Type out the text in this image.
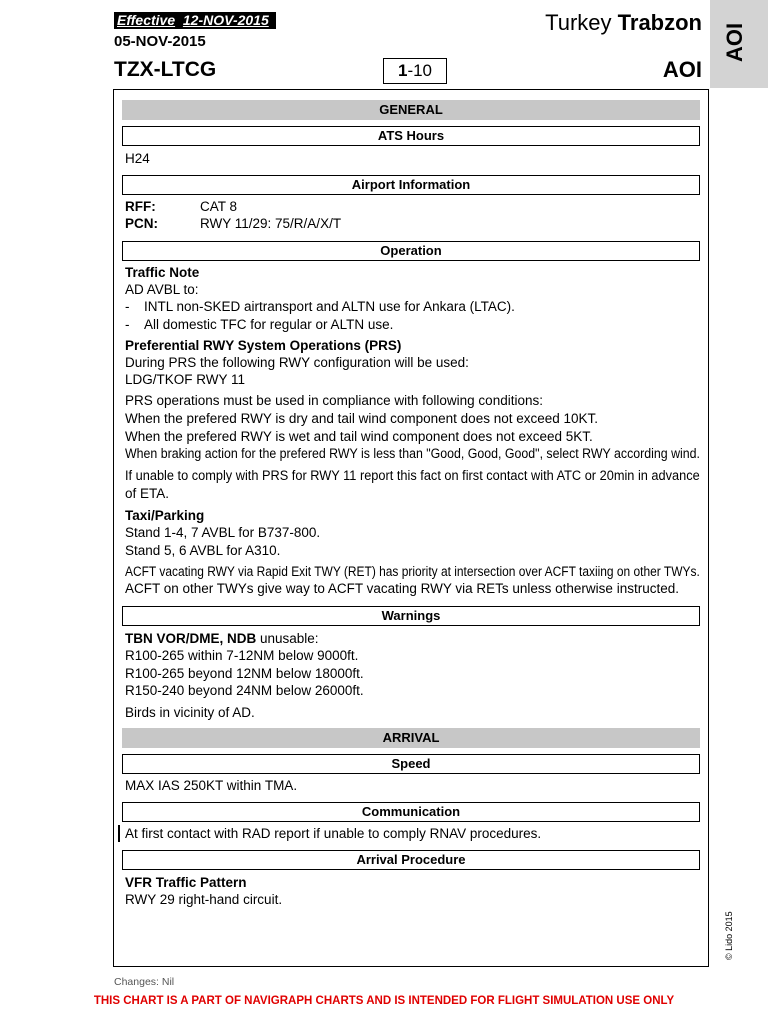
Effective 12-NOV-2015
05-NOV-2015
TZX-LTCG	1-10
Turkey Trabzon
AOI
AOI
GENERAL
ATS Hours
H24
Airport Information
RFF:	CAT 8
PCN:	RWY 11/29: 75/R/A/X/T
Operation
Traffic Note
AD AVBL to:
- INTL non-SKED airtransport and ALTN use for Ankara (LTAC).
- All domestic TFC for regular or ALTN use.
Preferential RWY System Operations (PRS)
During PRS the following RWY configuration will be used:
LDG/TKOF RWY 11
PRS operations must be used in compliance with following conditions:
When the prefered RWY is dry and tail wind component does not exceed 10KT.
When the prefered RWY is wet and tail wind component does not exceed 5KT.
When braking action for the prefered RWY is less than "Good, Good, Good", select RWY according wind.
If unable to comply with PRS for RWY 11 report this fact on first contact with ATC or 20min in advance
of ETA.
Taxi/Parking
Stand 1-4, 7 AVBL for B737-800.
Stand 5, 6 AVBL for A310.
ACFT vacating RWY via Rapid Exit TWY (RET) has priority at intersection over ACFT taxiing on other TWYs.
ACFT on other TWYs give way to ACFT vacating RWY via RETs unless otherwise instructed.
Warnings
TBN VOR/DME, NDB unusable:
R100-265 within 7-12NM below 9000ft.
R100-265 beyond 12NM below 18000ft.
R150-240 beyond 24NM below 26000ft.
Birds in vicinity of AD.
ARRIVAL
Speed
MAX IAS 250KT within TMA.
Communication
At first contact with RAD report if unable to comply RNAV procedures.
Arrival Procedure
VFR Traffic Pattern
RWY 29 right-hand circuit.
Changes: Nil
© Lido 2015
THIS CHART IS A PART OF NAVIGRAPH CHARTS AND IS INTENDED FOR FLIGHT SIMULATION USE ONLY
